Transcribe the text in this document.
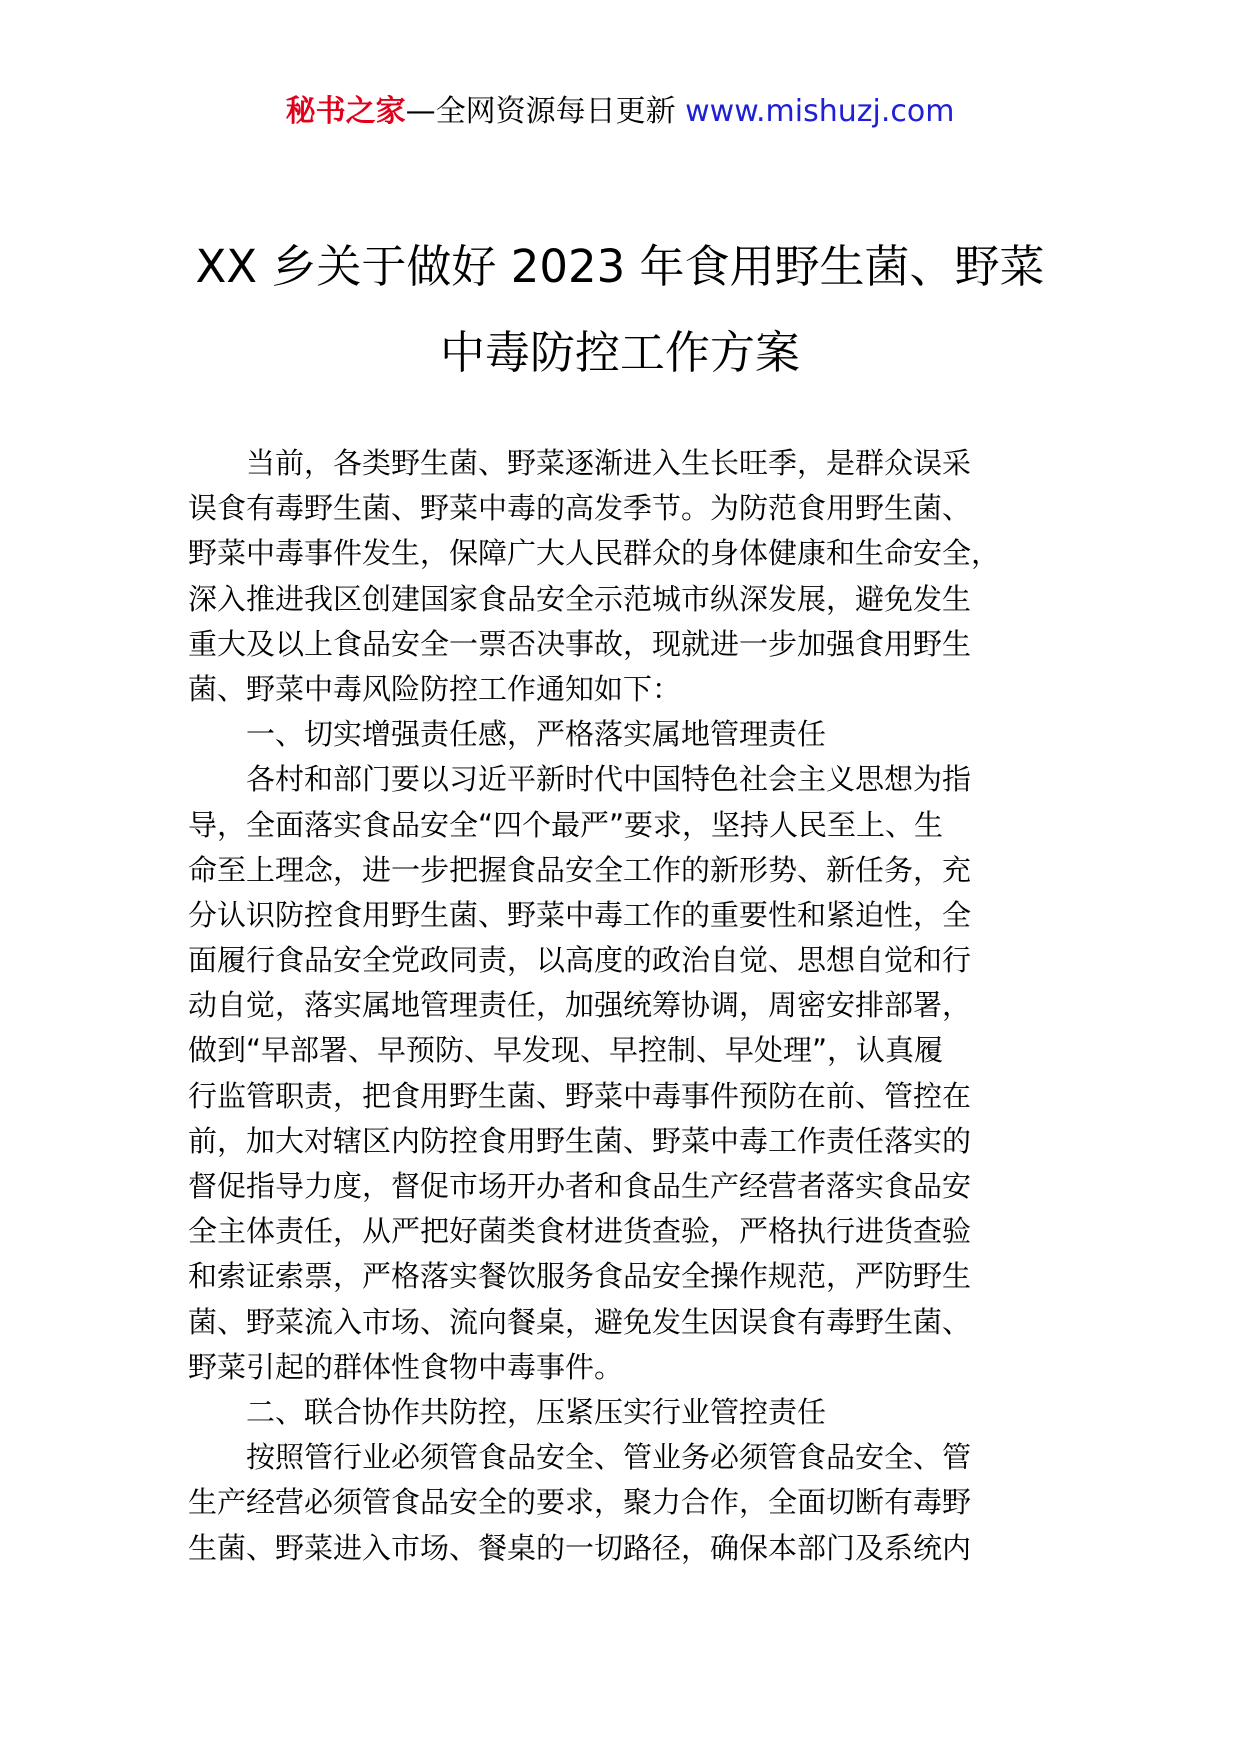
秘书之家—全网资源每日更新 www.mishuzj.com
XX 乡关于做好 2023 年食用野生菌、野菜
中毒防控工作方案
　　当前，各类野生菌、野菜逐渐进入生长旺季，是群众误采
误食有毒野生菌、野菜中毒的高发季节。为防范食用野生菌、
野菜中毒事件发生，保障广大人民群众的身体健康和生命安全，
深入推进我区创建国家食品安全示范城市纵深发展，避免发生
重大及以上食品安全一票否决事故，现就进一步加强食用野生
菌、野菜中毒风险防控工作通知如下：
　　一、切实增强责任感，严格落实属地管理责任
　　各村和部门要以习近平新时代中国特色社会主义思想为指
导，全面落实食品安全“四个最严”要求，坚持人民至上、生
命至上理念，进一步把握食品安全工作的新形势、新任务，充
分认识防控食用野生菌、野菜中毒工作的重要性和紧迫性，全
面履行食品安全党政同责，以高度的政治自觉、思想自觉和行
动自觉，落实属地管理责任，加强统筹协调，周密安排部署，
做到“早部署、早预防、早发现、早控制、早处理”，认真履
行监管职责，把食用野生菌、野菜中毒事件预防在前、管控在
前，加大对辖区内防控食用野生菌、野菜中毒工作责任落实的
督促指导力度，督促市场开办者和食品生产经营者落实食品安
全主体责任，从严把好菌类食材进货查验，严格执行进货查验
和索证索票，严格落实餐饮服务食品安全操作规范，严防野生
菌、野菜流入市场、流向餐桌，避免发生因误食有毒野生菌、
野菜引起的群体性食物中毒事件。
　　二、联合协作共防控，压紧压实行业管控责任
　　按照管行业必须管食品安全、管业务必须管食品安全、管
生产经营必须管食品安全的要求，聚力合作，全面切断有毒野
生菌、野菜进入市场、餐桌的一切路径，确保本部门及系统内
